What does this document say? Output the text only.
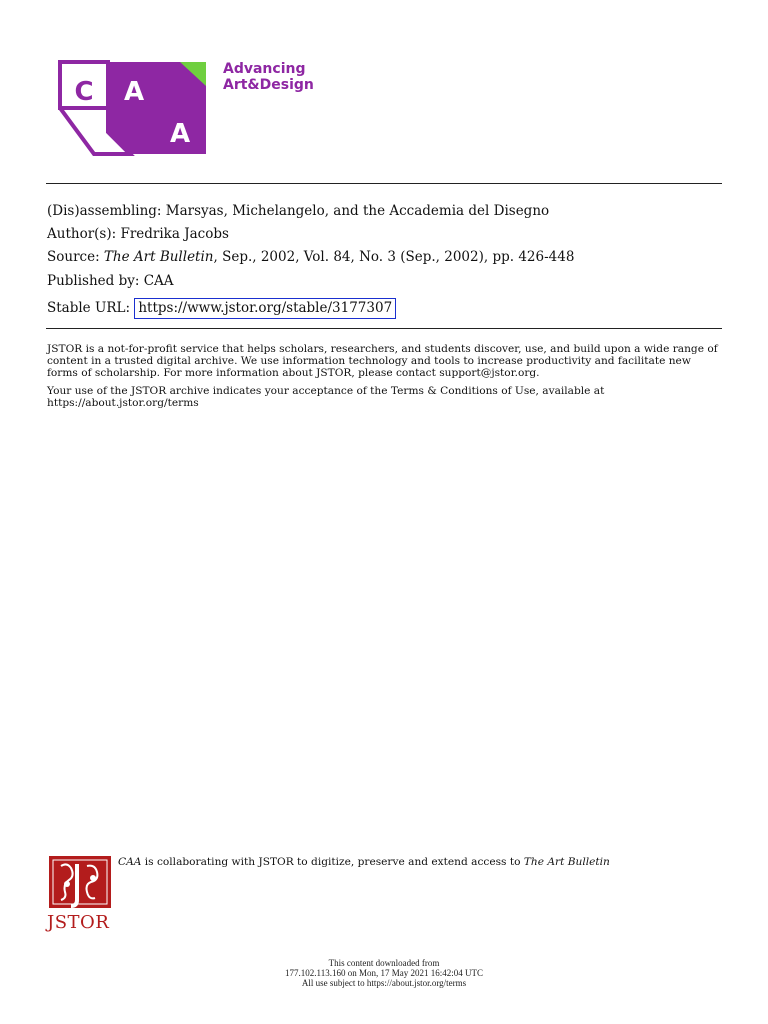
C A
A
Advancing
Art&Design
(Dis)assembling: Marsyas, Michelangelo, and the Accademia del Disegno
Author(s): Fredrika Jacobs
Source: The Art Bulletin, Sep., 2002, Vol. 84, No. 3 (Sep., 2002), pp. 426-448
Published by: CAA
Stable URL: https://www.jstor.org/stable/3177307
JSTOR is a not-for-profit service that helps scholars, researchers, and students discover, use, and build upon a wide range of content in a trusted digital archive. We use information technology and tools to increase productivity and facilitate new forms of scholarship. For more information about JSTOR, please contact support@jstor.org.
Your use of the JSTOR archive indicates your acceptance of the Terms & Conditions of Use, available at https://about.jstor.org/terms
JSTOR
CAA is collaborating with JSTOR to digitize, preserve and extend access to The Art Bulletin
This content downloaded from
177.102.113.160 on Mon, 17 May 2021 16:42:04 UTC
All use subject to https://about.jstor.org/terms
